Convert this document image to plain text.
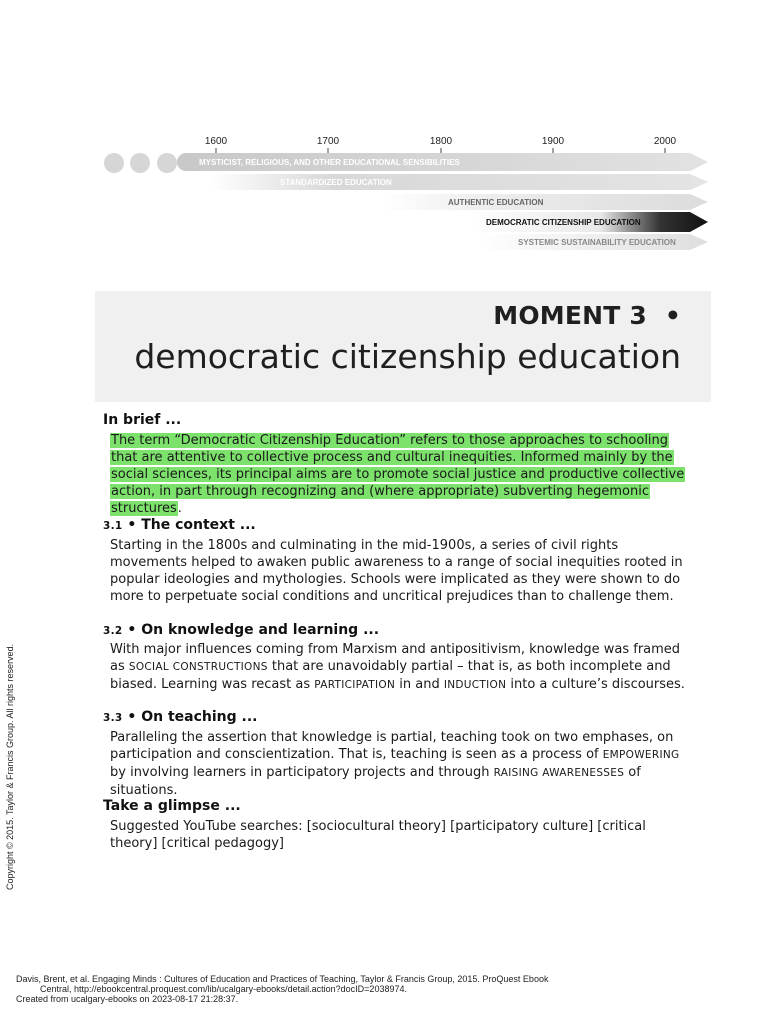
1600	1700	1800	1900	2000
MYSTICIST, RELIGIOUS, AND OTHER EDUCATIONAL SENSIBILITIES
STANDARDIZED EDUCATION
AUTHENTIC EDUCATION
DEMOCRATIC CITIZENSHIP EDUCATION
SYSTEMIC SUSTAINABILITY EDUCATION
MOMENT 3  •
democratic citizenship education
In brief ...
The term “Democratic Citizenship Education” refers to those approaches to schooling that are attentive to collective process and cultural inequities. Informed mainly by the social sciences, its principal aims are to promote social justice and productive collective action, in part through recognizing and (where appropriate) subverting hegemonic structures.
3.1 • The context ...
Starting in the 1800s and culminating in the mid-1900s, a series of civil rights movements helped to awaken public awareness to a range of social inequities rooted in popular ideologies and mythologies. Schools were implicated as they were shown to do more to perpetuate social conditions and uncritical prejudices than to challenge them.
3.2 • On knowledge and learning ...
With major influences coming from Marxism and antipositivism, knowledge was framed as SOCIAL CONSTRUCTIONS that are unavoidably partial – that is, as both incomplete and biased. Learning was recast as PARTICIPATION in and INDUCTION into a culture’s discourses.
3.3 • On teaching ...
Paralleling the assertion that knowledge is partial, teaching took on two emphases, on participation and conscientization. That is, teaching is seen as a process of EMPOWERING by involving learners in participatory projects and through RAISING AWARENESSES of situations.
Take a glimpse ...
Suggested YouTube searches: [sociocultural theory] [participatory culture] [critical theory] [critical pedagogy]
Copyright © 2015. Taylor & Francis Group. All rights reserved.
Davis, Brent, et al. Engaging Minds : Cultures of Education and Practices of Teaching, Taylor & Francis Group, 2015. ProQuest Ebook
Central, http://ebookcentral.proquest.com/lib/ucalgary-ebooks/detail.action?docID=2038974.
Created from ucalgary-ebooks on 2023-08-17 21:28:37.
